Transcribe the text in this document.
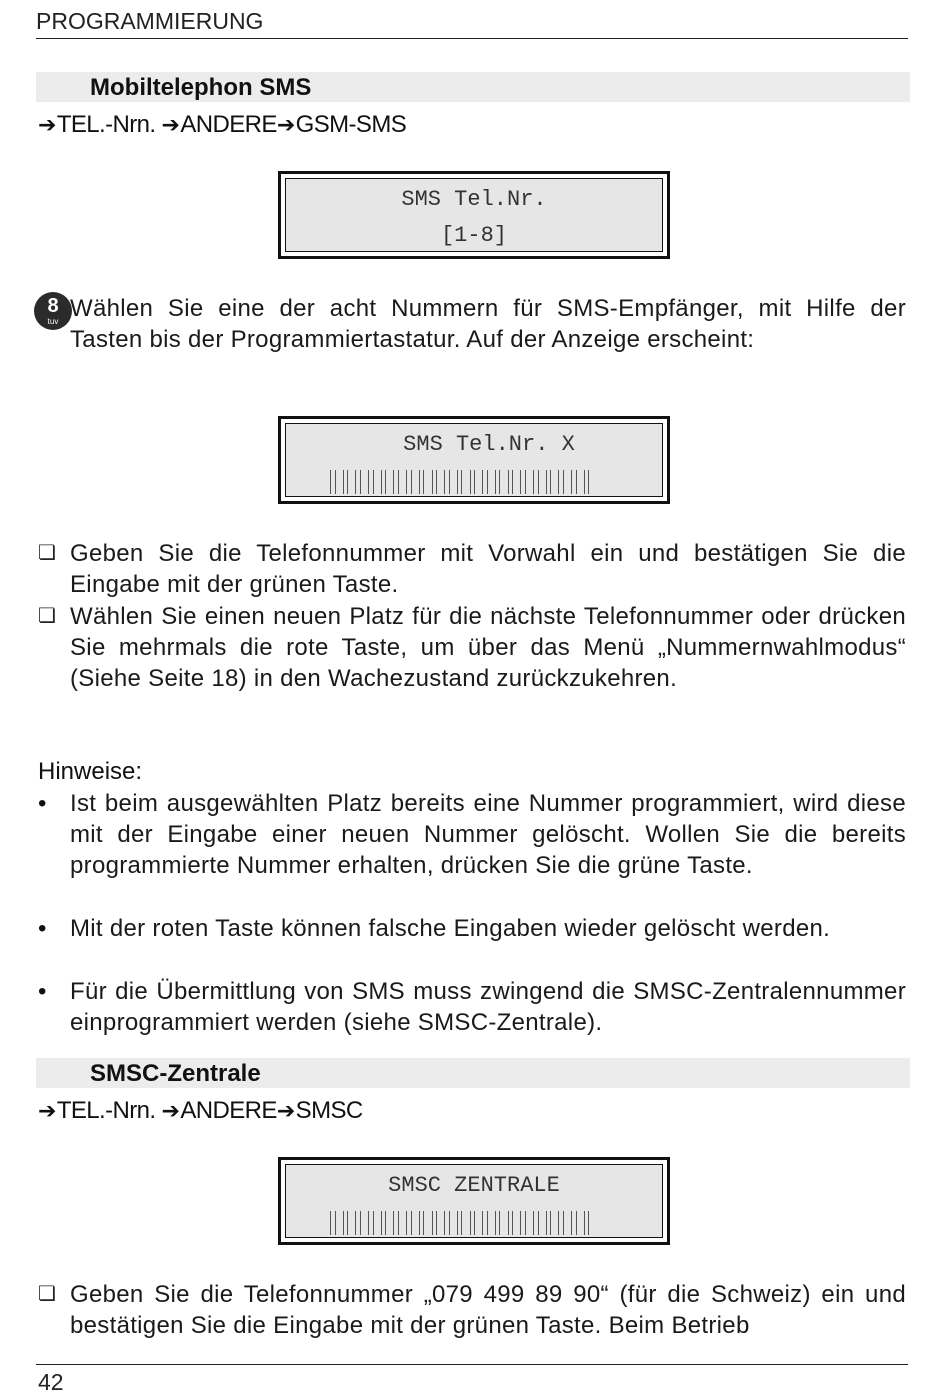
PROGRAMMIERUNG
Mobiltelephon SMS
➔TEL.-Nrn. ➔ANDERE➔GSM-SMS
SMS Tel.Nr.
[1-8]
8
tuv Wählen Sie eine der acht Nummern für SMS-Empfänger, mit Hilfe der Tasten bis der Programmiertastatur. Auf der Anzeige erscheint:
SMS Tel.Nr. X
❏ Geben Sie die Telefonnummer mit Vorwahl ein und bestätigen Sie die Eingabe mit der grünen Taste.
❏ Wählen Sie einen neuen Platz für die nächste Telefonnummer oder drücken Sie mehrmals die rote Taste, um über das Menü „Nummernwahlmodus“ (Siehe Seite 18) in den Wachezustand zurückzukehren.
Hinweise:
• Ist beim ausgewählten Platz bereits eine Nummer programmiert, wird diese mit der Eingabe einer neuen Nummer gelöscht. Wollen Sie die bereits programmierte Nummer erhalten, drücken Sie die grüne Taste.
• Mit der roten Taste können falsche Eingaben wieder gelöscht werden.
• Für die Übermittlung von SMS muss zwingend die SMSC-Zentralennummer einprogrammiert werden (siehe SMSC-Zentrale).
SMSC-Zentrale
➔TEL.-Nrn. ➔ANDERE➔SMSC
SMSC ZENTRALE
❏ Geben Sie die Telefonnummer „079 499 89 90“ (für die Schweiz) ein und bestätigen Sie die Eingabe mit der grünen Taste. Beim Betrieb
42
